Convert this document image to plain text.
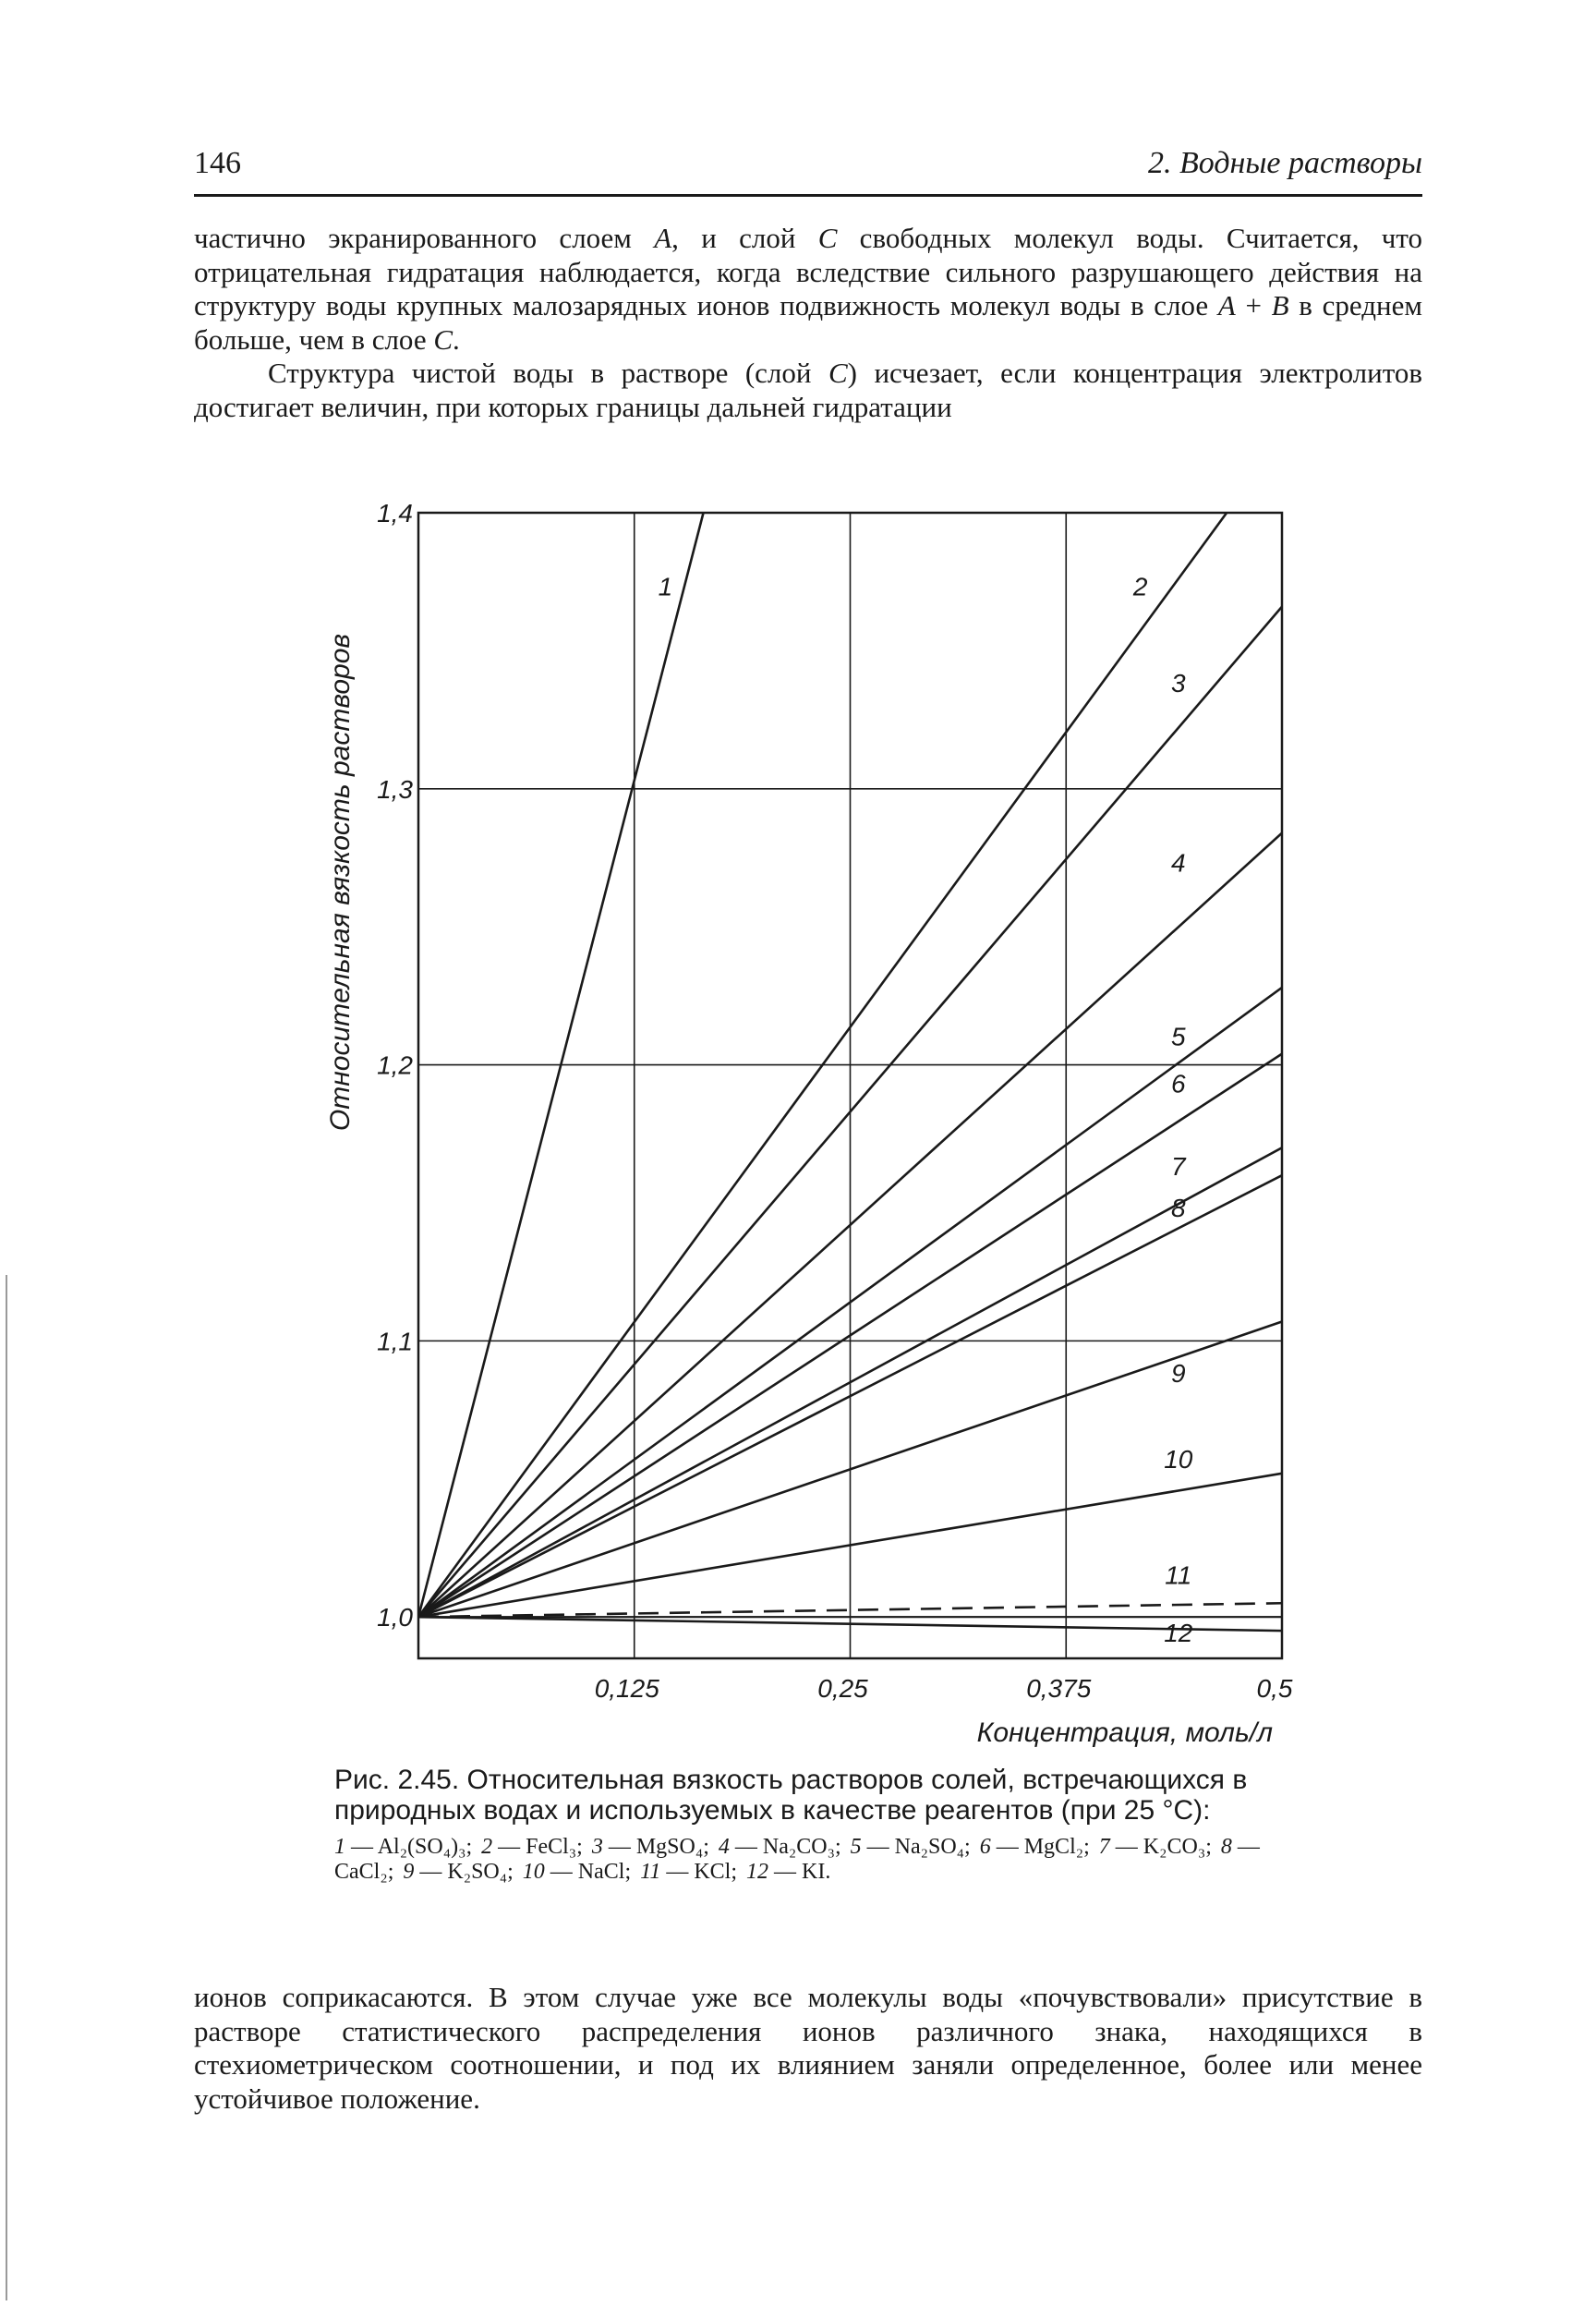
146	2. Водные растворы

частично экранированного слоем A, и слой C свободных молекул воды. Считается, что отрицательная гидратация наблюдается, когда вследствие сильного разрушающего действия на структуру воды крупных малозарядных ионов подвижность молекул воды в слое A + B в среднем больше, чем в слое C.

Структура чистой воды в растворе (слой C) исчезает, если концентрация электролитов достигает величин, при которых границы дальней гидратации

0,125	0,25	0,375	0,5
1,0
1,1
1,2
1,3
1,4
Концентрация, моль/л
Относительная вязкость растворов
1	2
3
4
5
6
7
8
9
10
11
12

Рис. 2.45. Относительная вязкость растворов солей, встречающихся в природных водах и используемых в качестве реагентов (при 25 °C):

1 — Al₂(SO₄)₃; 2 — FeCl₃; 3 — MgSO₄; 4 — Na₂CO₃; 5 — Na₂SO₄; 6 — MgCl₂; 7 — K₂CO₃; 8 — CaCl₂; 9 — K₂SO₄; 10 — NaCl; 11 — KCl; 12 — KI.

ионов соприкасаются. В этом случае уже все молекулы воды «почувствовали» присутствие в растворе статистического распределения ионов различного знака, находящихся в стехиометрическом соотношении, и под их влиянием заняли определенное, более или менее устойчивое положение.
